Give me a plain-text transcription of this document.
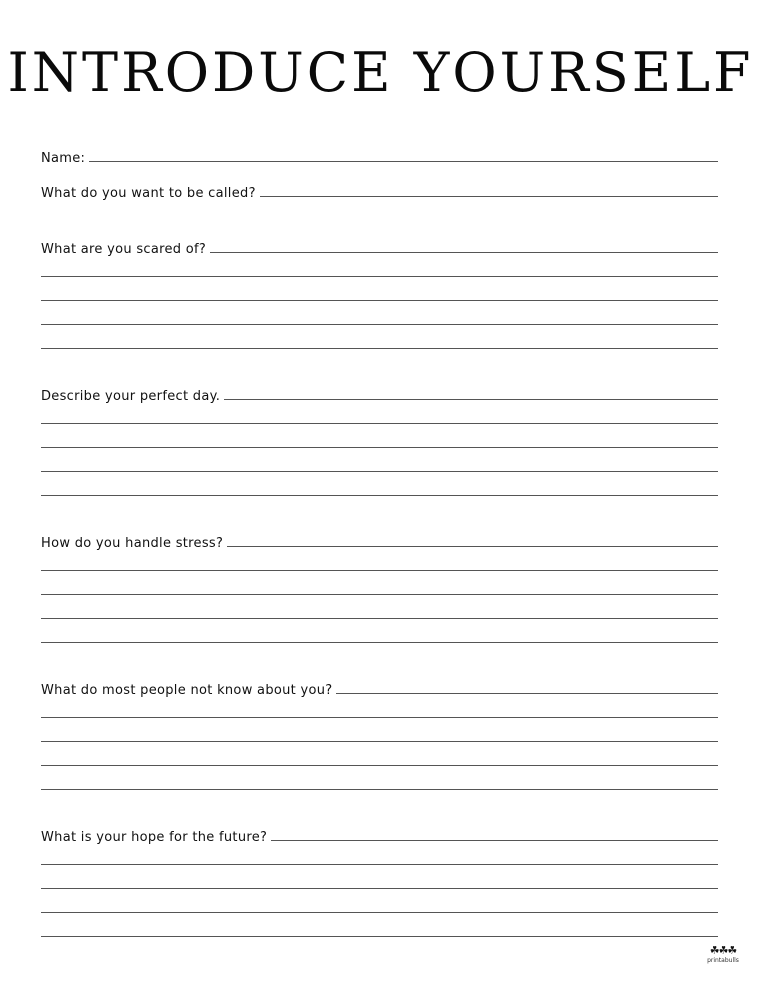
INTRODUCE YOURSELF
Name:
What do you want to be called?
What are you scared of?
Describe your perfect day.
How do you handle stress?
What do most people not know about you?
What is your hope for the future?
☘☘☘
printabulls
